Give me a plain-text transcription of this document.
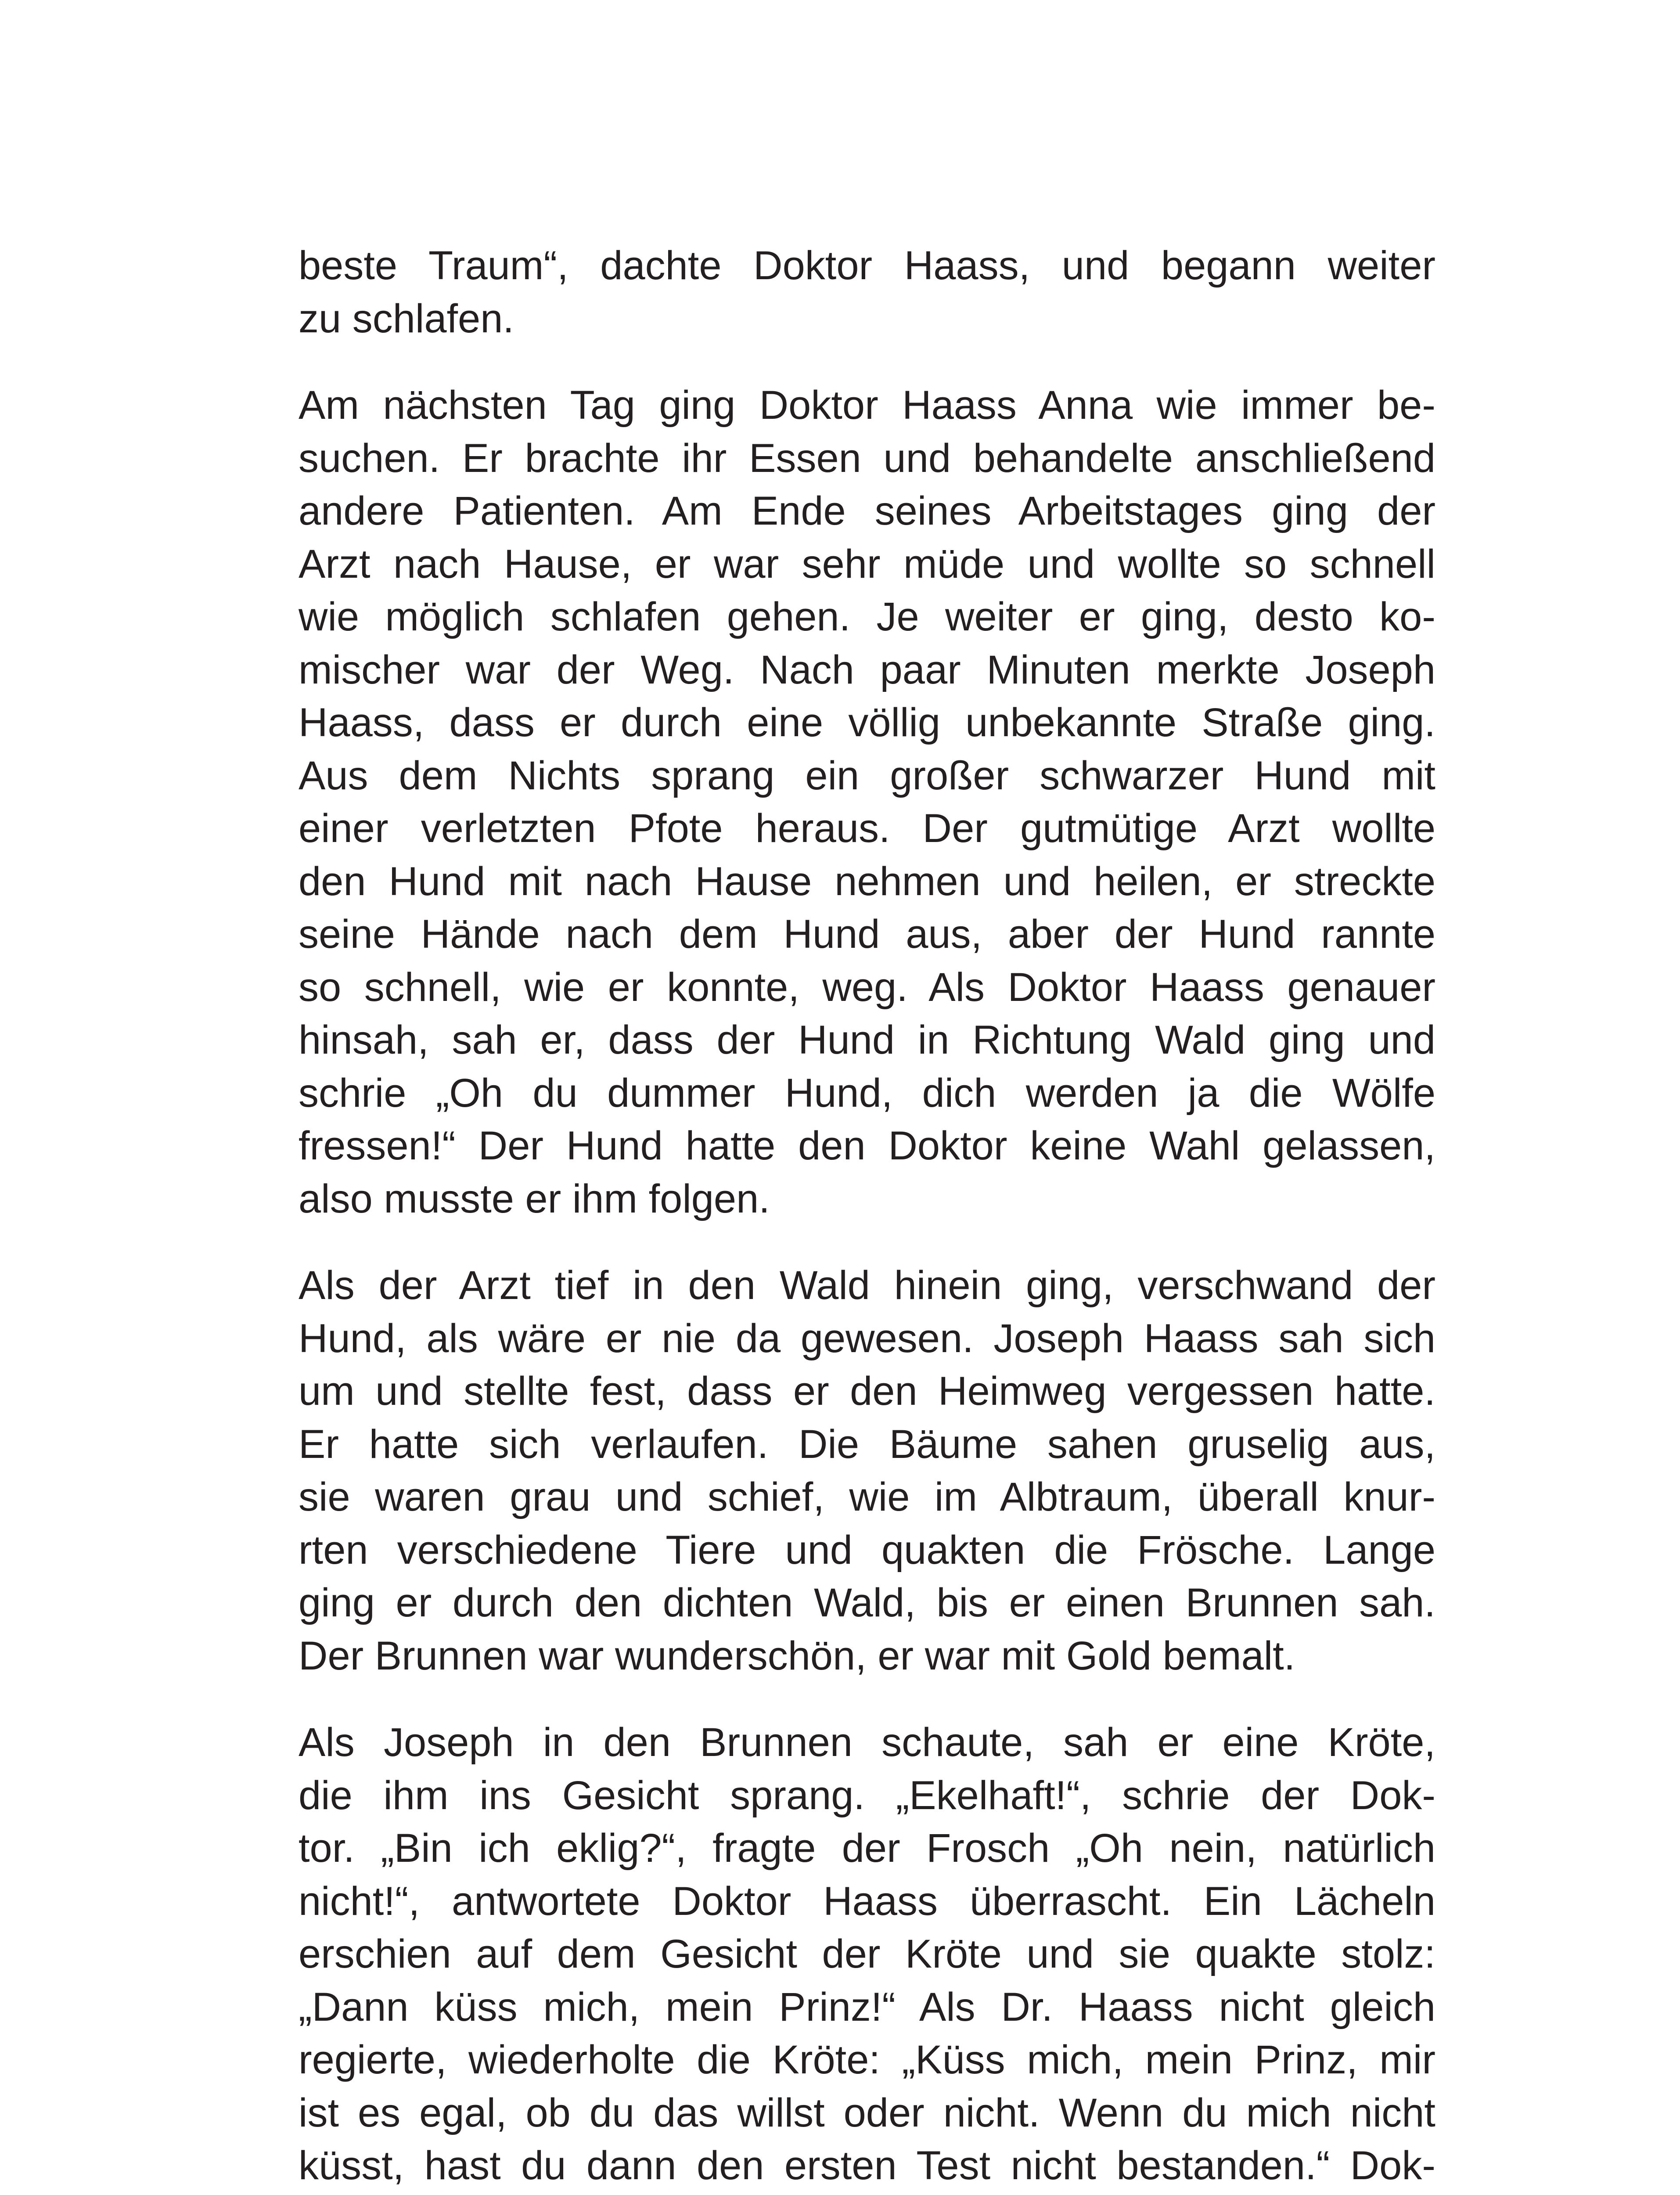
beste Traum“, dachte Doktor Haass, und begann weiter
zu schlafen.
Am nächsten Tag ging Doktor Haass Anna wie immer be-
suchen. Er brachte ihr Essen und behandelte anschließend
andere Patienten. Am Ende seines Arbeitstages ging der
Arzt nach Hause, er war sehr müde und wollte so schnell
wie möglich schlafen gehen. Je weiter er ging, desto ko-
mischer war der Weg. Nach paar Minuten merkte Joseph
Haass, dass er durch eine völlig unbekannte Straße ging.
Aus dem Nichts sprang ein großer schwarzer Hund mit
einer verletzten Pfote heraus. Der gutmütige Arzt wollte
den Hund mit nach Hause nehmen und heilen, er streckte
seine Hände nach dem Hund aus, aber der Hund rannte
so schnell, wie er konnte, weg. Als Doktor Haass genauer
hinsah, sah er, dass der Hund in Richtung Wald ging und
schrie „Oh du dummer Hund, dich werden ja die Wölfe
fressen!“ Der Hund hatte den Doktor keine Wahl gelassen,
also musste er ihm folgen.
Als der Arzt tief in den Wald hinein ging, verschwand der
Hund, als wäre er nie da gewesen. Joseph Haass sah sich
um und stellte fest, dass er den Heimweg vergessen hatte.
Er hatte sich verlaufen. Die Bäume sahen gruselig aus,
sie waren grau und schief, wie im Albtraum, überall knur-
rten verschiedene Tiere und quakten die Frösche. Lange
ging er durch den dichten Wald, bis er einen Brunnen sah.
Der Brunnen war wunderschön, er war mit Gold bemalt.
Als Joseph in den Brunnen schaute, sah er eine Kröte,
die ihm ins Gesicht sprang. „Ekelhaft!“, schrie der Dok-
tor. „Bin ich eklig?“, fragte der Frosch „Oh nein, natürlich
nicht!“, antwortete Doktor Haass überrascht. Ein Lächeln
erschien auf dem Gesicht der Kröte und sie quakte stolz:
„Dann küss mich, mein Prinz!“ Als Dr. Haass nicht gleich
regierte, wiederholte die Kröte: „Küss mich, mein Prinz, mir
ist es egal, ob du das willst oder nicht. Wenn du mich nicht
küsst, hast du dann den ersten Test nicht bestanden.“ Dok-
